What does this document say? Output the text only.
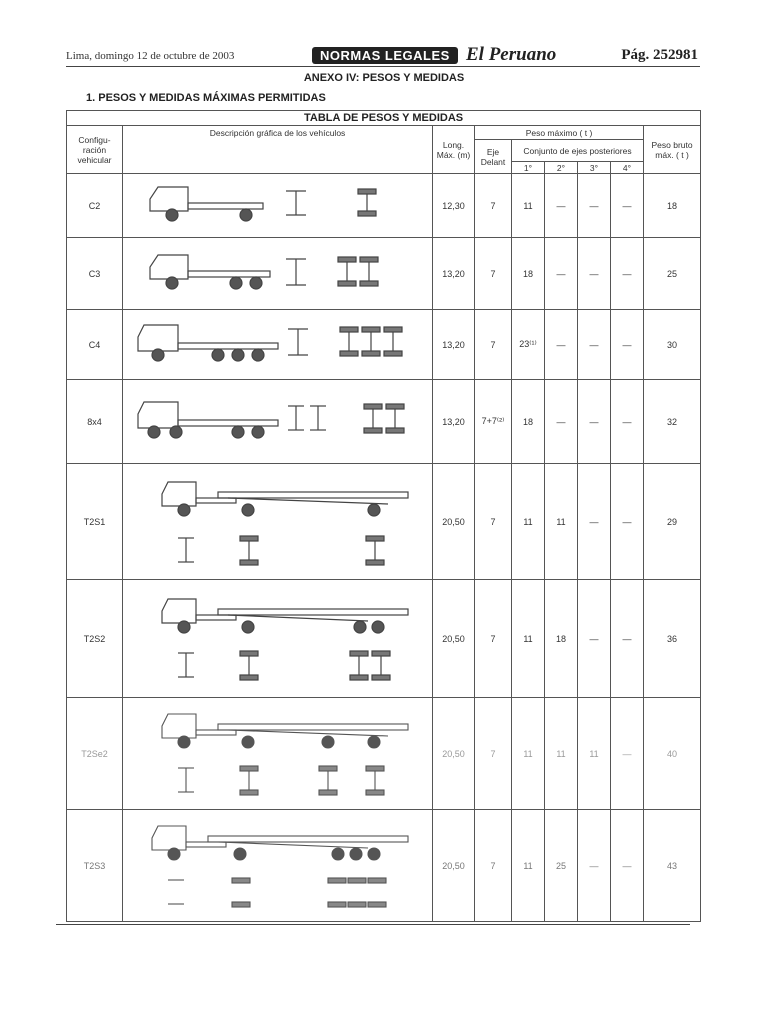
Lima, domingo 12 de octubre de 2003	NORMAS LEGALES El Peruano	Pág. 252981
ANEXO IV: PESOS Y MEDIDAS
1. PESOS Y MEDIDAS MÁXIMAS PERMITIDAS
TABLA DE PESOS Y MEDIDAS								
Configu-ración vehicular	Descripción gráfica de los vehículos	Long. Máx. (m)	Peso máximo ( t )					Peso bruto máx. ( t )
			Eje Delant	Conjunto de ejes posteriores				
				1°	2°	3°	4°	
C2		12,30	7	11	—	—	—	18
C3		13,20	7	18	—	—	—	25
C4		13,20	7	23⁽¹⁾	—	—	—	30
8x4		13,20	7+7⁽²⁾	18	—	—	—	32
T2S1		20,50	7	11	11	—	—	29
T2S2		20,50	7	11	18	—	—	36
T2Se2		20,50	7	11	11	11	—	40
T2S3		20,50	7	11	25	—	—	43
